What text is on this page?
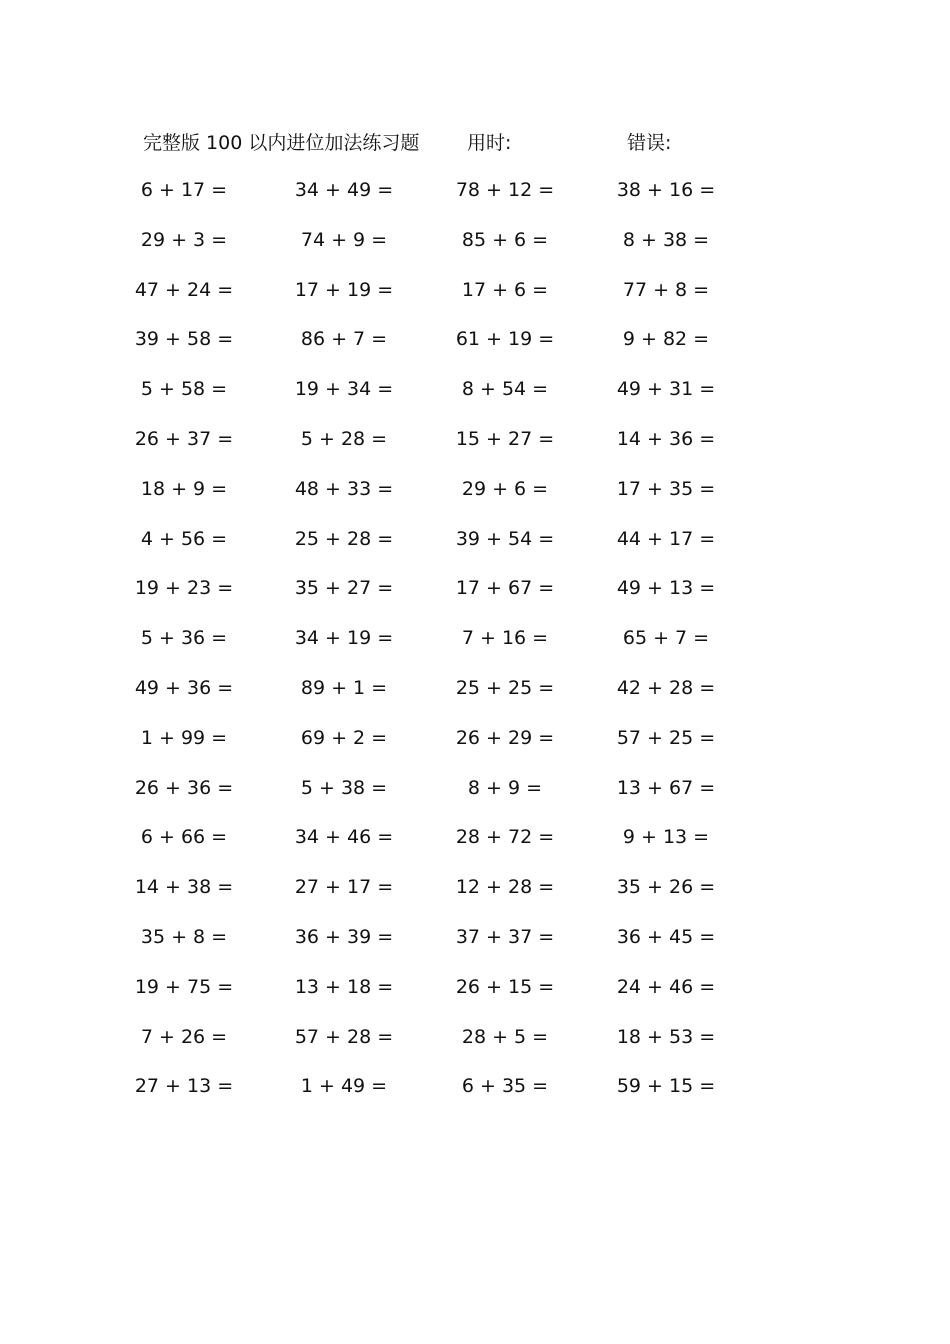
完整版 100 以内进位加法练习题	用时:	错误:
6 + 17 =	34 + 49 =	78 + 12 =	38 + 16 =
29 + 3 =	74 + 9 =	85 + 6 =	8 + 38 =
47 + 24 =	17 + 19 =	17 + 6 =	77 + 8 =
39 + 58 =	86 + 7 =	61 + 19 =	9 + 82 =
5 + 58 =	19 + 34 =	8 + 54 =	49 + 31 =
26 + 37 =	5 + 28 =	15 + 27 =	14 + 36 =
18 + 9 =	48 + 33 =	29 + 6 =	17 + 35 =
4 + 56 =	25 + 28 =	39 + 54 =	44 + 17 =
19 + 23 =	35 + 27 =	17 + 67 =	49 + 13 =
5 + 36 =	34 + 19 =	7 + 16 =	65 + 7 =
49 + 36 =	89 + 1 =	25 + 25 =	42 + 28 =
1 + 99 =	69 + 2 =	26 + 29 =	57 + 25 =
26 + 36 =	5 + 38 =	8 + 9 =	13 + 67 =
6 + 66 =	34 + 46 =	28 + 72 =	9 + 13 =
14 + 38 =	27 + 17 =	12 + 28 =	35 + 26 =
35 + 8 =	36 + 39 =	37 + 37 =	36 + 45 =
19 + 75 =	13 + 18 =	26 + 15 =	24 + 46 =
7 + 26 =	57 + 28 =	28 + 5 =	18 + 53 =
27 + 13 =	1 + 49 =	6 + 35 =	59 + 15 =
